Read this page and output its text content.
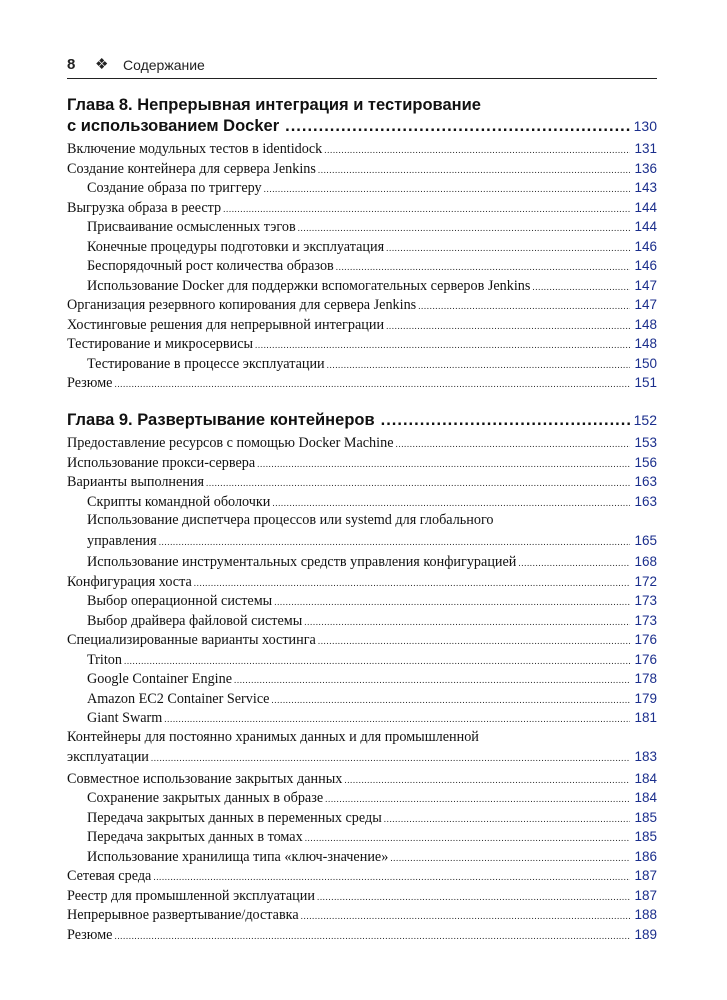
8 ❖ Содержание
Глава 8. Непрерывная интеграция и тестирование
с использованием Docker .....	130
Включение модульных тестов в identidock .....	131
Создание контейнера для сервера Jenkins .....	136
Создание образа по триггеру .....	143
Выгрузка образа в реестр .....	144
Присваивание осмысленных тэгов .....	144
Конечные процедуры подготовки и эксплуатация .....	146
Беспорядочный рост количества образов .....	146
Использование Docker для поддержки вспомогательных серверов Jenkins .....	147
Организация резервного копирования для сервера Jenkins .....	147
Хостинговые решения для непрерывной интеграции .....	148
Тестирование и микросервисы .....	148
Тестирование в процессе эксплуатации .....	150
Резюме .....	151
Глава 9. Развертывание контейнеров .....	152
Предоставление ресурсов с помощью Docker Machine .....	153
Использование прокси-сервера .....	156
Варианты выполнения .....	163
Скрипты командной оболочки .....	163
Использование диспетчера процессов или systemd для глобального
управления .....	165
Использование инструментальных средств управления конфигурацией .....	168
Конфигурация хоста .....	172
Выбор операционной системы .....	173
Выбор драйвера файловой системы .....	173
Специализированные варианты хостинга .....	176
Triton .....	176
Google Container Engine .....	178
Amazon EC2 Container Service .....	179
Giant Swarm .....	181
Контейнеры для постоянно хранимых данных и для промышленной
эксплуатации .....	183
Совместное использование закрытых данных .....	184
Сохранение закрытых данных в образе .....	184
Передача закрытых данных в переменных среды .....	185
Передача закрытых данных в томах .....	185
Использование хранилища типа «ключ-значение» .....	186
Сетевая среда .....	187
Реестр для промышленной эксплуатации .....	187
Непрерывное развертывание/доставка .....	188
Резюме .....	189
